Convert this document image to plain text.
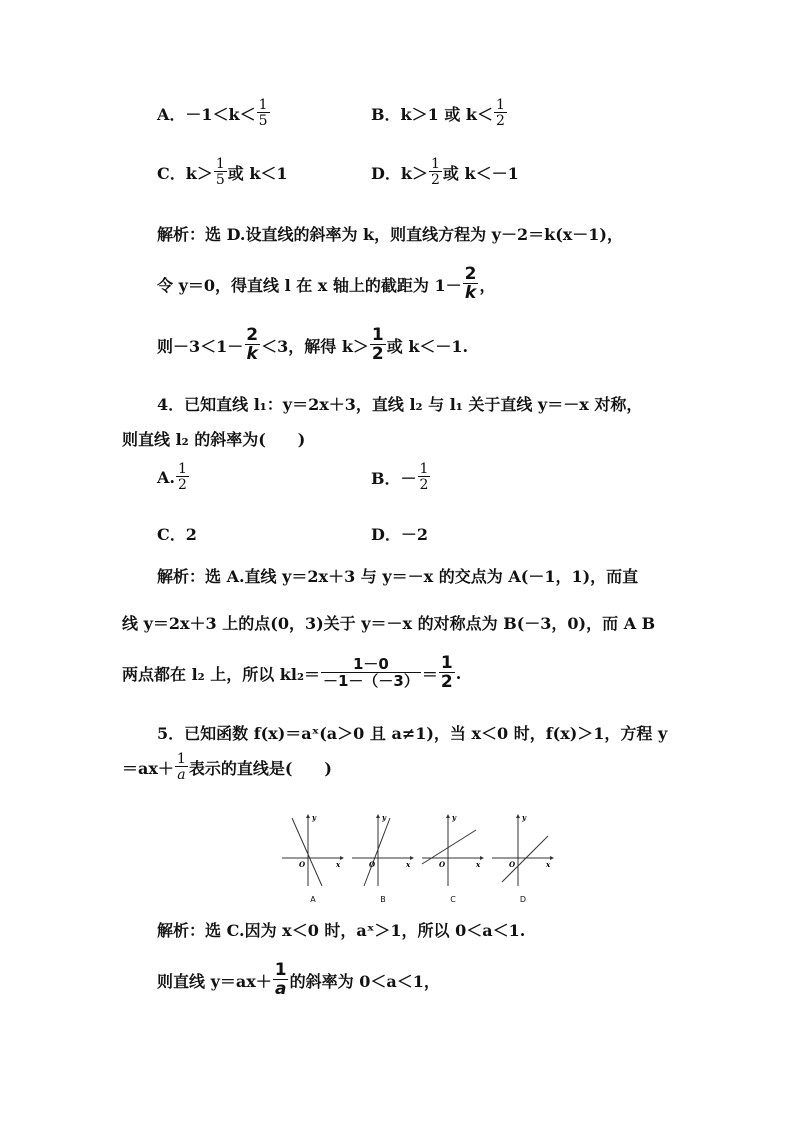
A． $-1<k< \frac{1}{5}$	B． k＞1 或 $k< \frac{1}{2}$
C． $k> \frac{1}{5}$ 或 k＜1	D． $k> \frac{1}{2}$ 或 k＜－1
解析：选 D.设直线的斜率为 k，则直线方程为 y－2＝k(x－1)，
令 y＝0，得直线 l 在 x 轴上的截距为 $1- \frac{2}{k}$ ，
则$-3<1- \frac{2}{k} <3$，解得 $k> \frac{1}{2}$ 或 k＜－1.
4．已知直线 l₁：y＝2x＋3，直线 l₂ 与 l₁ 关于直线 y＝－x 对称，
则直线 l₂ 的斜率为(　　)
A. $\frac{1}{2}$	B．－ $\frac{1}{2}$
C．2	D．－2
解析：选 A.直线 y＝2x＋3 与 y＝－x 的交点为 A(－1，1)，而直
线 y＝2x＋3 上的点(0，3)关于 y＝－x 的对称点为 B(－3，0)，而 A B
两点都在 l₂ 上，所以 $kl_2= \frac{1-0}{-1-(-3)} = \frac{1}{2}$ .
5．已知函数 f(x)＝aˣ(a＞0 且 a≠1)，当 x＜0 时，f(x)＞1，方程 y
$=ax+ \frac{1}{a}$ 表示的直线是(　　)
y
x
O
A
y
x
O
B
y
x
O
C
y
x
O
D
解析：选 C.因为 x＜0 时，aˣ＞1，所以 0＜a＜1.
则直线 $y=ax+ \frac{1}{a}$ 的斜率为 0＜a＜1，
